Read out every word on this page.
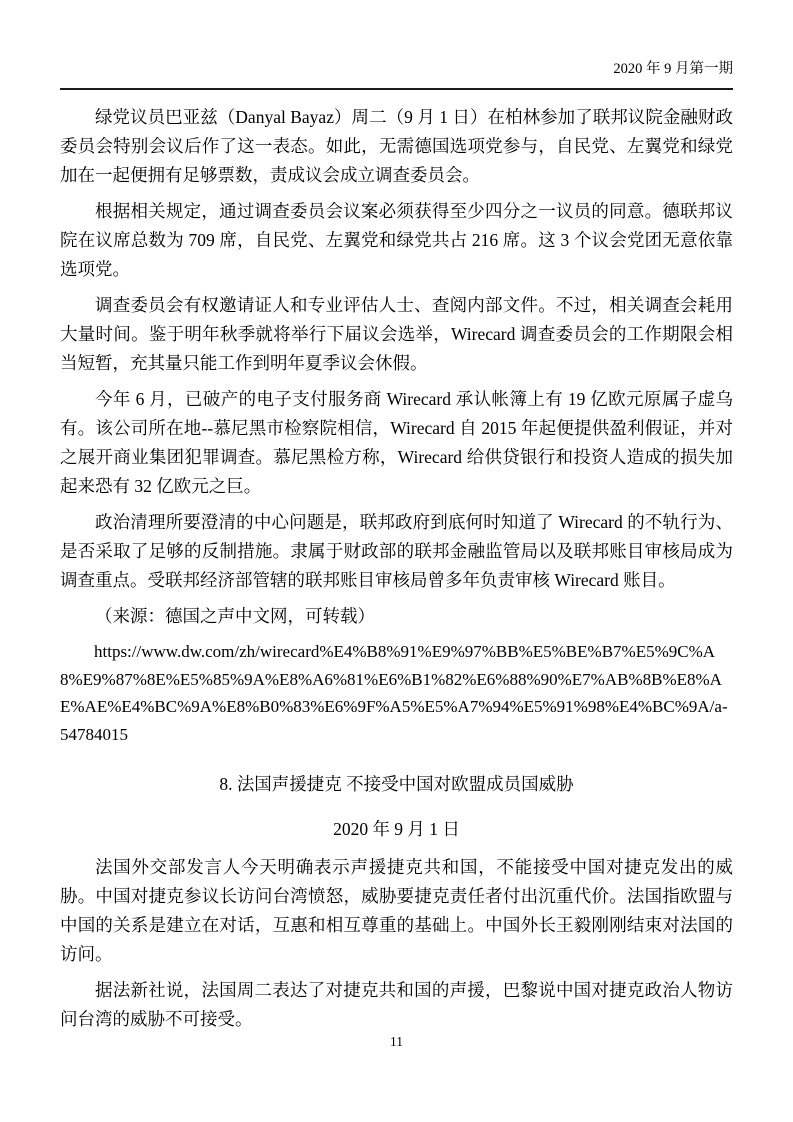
2020 年 9 月第一期

绿党议员巴亚兹（Danyal Bayaz）周二（9 月 1 日）在柏林参加了联邦议院金融财政委员会特别会议后作了这一表态。如此，无需德国选项党参与，自民党、左翼党和绿党加在一起便拥有足够票数，责成议会成立调查委员会。

根据相关规定，通过调查委员会议案必须获得至少四分之一议员的同意。德联邦议院在议席总数为 709 席，自民党、左翼党和绿党共占 216 席。这 3 个议会党团无意依靠选项党。

调查委员会有权邀请证人和专业评估人士、查阅内部文件。不过，相关调查会耗用大量时间。鉴于明年秋季就将举行下届议会选举，Wirecard 调查委员会的工作期限会相当短暂，充其量只能工作到明年夏季议会休假。

今年 6 月，已破产的电子支付服务商 Wirecard 承认帐簿上有 19 亿欧元原属子虚乌有。该公司所在地--慕尼黑市检察院相信，Wirecard 自 2015 年起便提供盈利假证，并对之展开商业集团犯罪调查。慕尼黑检方称，Wirecard 给供贷银行和投资人造成的损失加起来恐有 32 亿欧元之巨。

政治清理所要澄清的中心问题是，联邦政府到底何时知道了 Wirecard 的不轨行为、是否采取了足够的反制措施。隶属于财政部的联邦金融监管局以及联邦账目审核局成为调查重点。受联邦经济部管辖的联邦账目审核局曾多年负责审核 Wirecard 账目。

（来源：德国之声中文网，可转载）

https://www.dw.com/zh/wirecard%E4%B8%91%E9%97%BB%E5%BE%B7%E5%9C%A8%E9%87%8E%E5%85%9A%E8%A6%81%E6%B1%82%E6%88%90%E7%AB%8B%E8%AE%AE%E4%BC%9A%E8%B0%83%E6%9F%A5%E5%A7%94%E5%91%98%E4%BC%9A/a-54784015

8. 法国声援捷克 不接受中国对欧盟成员国威胁
2020 年 9 月 1 日

法国外交部发言人今天明确表示声援捷克共和国，不能接受中国对捷克发出的威胁。中国对捷克参议长访问台湾愤怒，威胁要捷克责任者付出沉重代价。法国指欧盟与中国的关系是建立在对话，互惠和相互尊重的基础上。中国外长王毅刚刚结束对法国的访问。

据法新社说，法国周二表达了对捷克共和国的声援，巴黎说中国对捷克政治人物访问台湾的威胁不可接受。

11
